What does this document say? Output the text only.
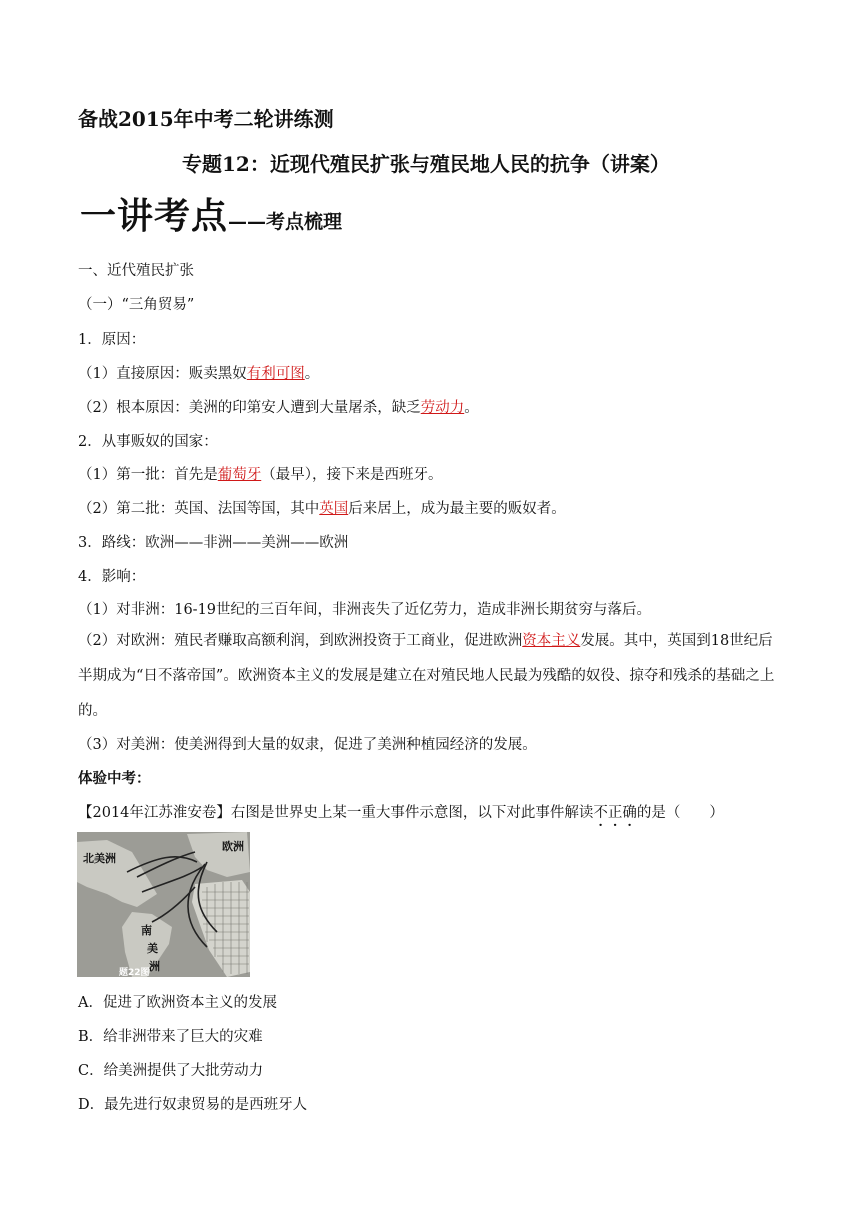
备战2015年中考二轮讲练测
专题12：近现代殖民扩张与殖民地人民的抗争（讲案）
一讲考点——考点梳理
一、近代殖民扩张
（一）“三角贸易”
1．原因：
（1）直接原因：贩卖黑奴有利可图。
（2）根本原因：美洲的印第安人遭到大量屠杀，缺乏劳动力。
2．从事贩奴的国家：
（1）第一批：首先是葡萄牙（最早），接下来是西班牙。
（2）第二批：英国、法国等国，其中英国后来居上，成为最主要的贩奴者。
3．路线：欧洲——非洲——美洲——欧洲
4．影响：
（1）对非洲：16-19世纪的三百年间，非洲丧失了近亿劳力，造成非洲长期贫穷与落后。
（2）对欧洲：殖民者赚取高额利润，到欧洲投资于工商业，促进欧洲资本主义发展。其中，英国到18世纪后半期成为“日不落帝国”。欧洲资本主义的发展是建立在对殖民地人民最为残酷的奴役、掠夺和残杀的基础之上的。
（3）对美洲：使美洲得到大量的奴隶，促进了美洲种植园经济的发展。
体验中考：
【2014年江苏淮安卷】右图是世界史上某一重大事件示意图，以下对此事件解读不正确的是（　　）
北美洲
欧洲
南
美
洲
题22图
A．促进了欧洲资本主义的发展
B．给非洲带来了巨大的灾难
C．给美洲提供了大批劳动力
D．最先进行奴隶贸易的是西班牙人
